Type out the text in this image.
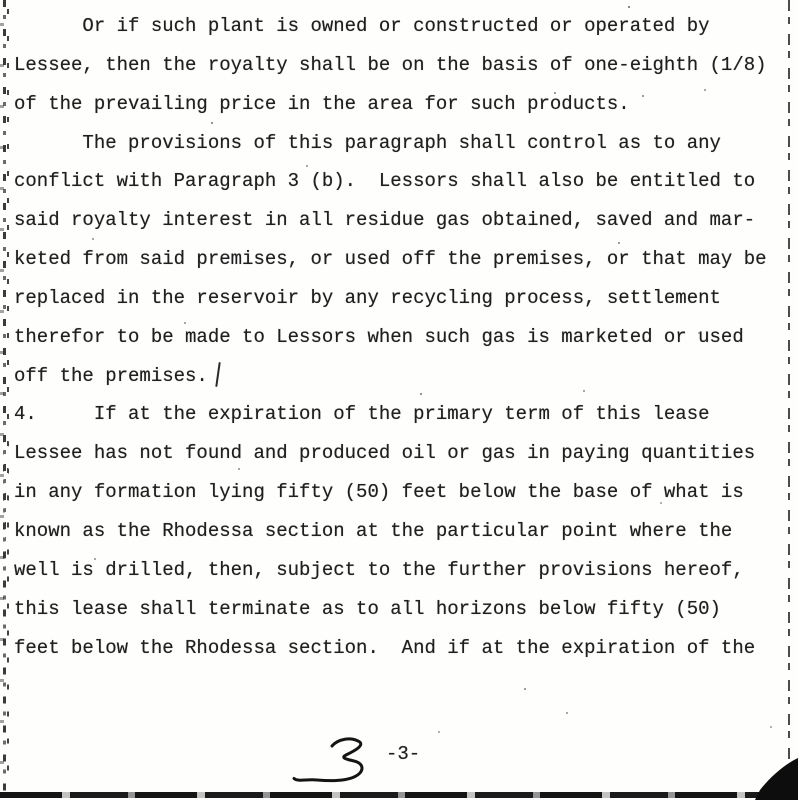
Or if such plant is owned or constructed or operated by
Lessee, then the royalty shall be on the basis of one-eighth (1/8)
of the prevailing price in the area for such products.
The provisions of this paragraph shall control as to any
conflict with Paragraph 3 (b).  Lessors shall also be entitled to
said royalty interest in all residue gas obtained, saved and mar-
keted from said premises, or used off the premises, or that may be
replaced in the reservoir by any recycling process, settlement
therefor to be made to Lessors when such gas is marketed or used
off the premises.
4.     If at the expiration of the primary term of this lease
Lessee has not found and produced oil or gas in paying quantities
in any formation lying fifty (50) feet below the base of what is
known as the Rhodessa section at the particular point where the
well is drilled, then, subject to the further provisions hereof,
this lease shall terminate as to all horizons below fifty (50)
feet below the Rhodessa section.  And if at the expiration of the
-3-
